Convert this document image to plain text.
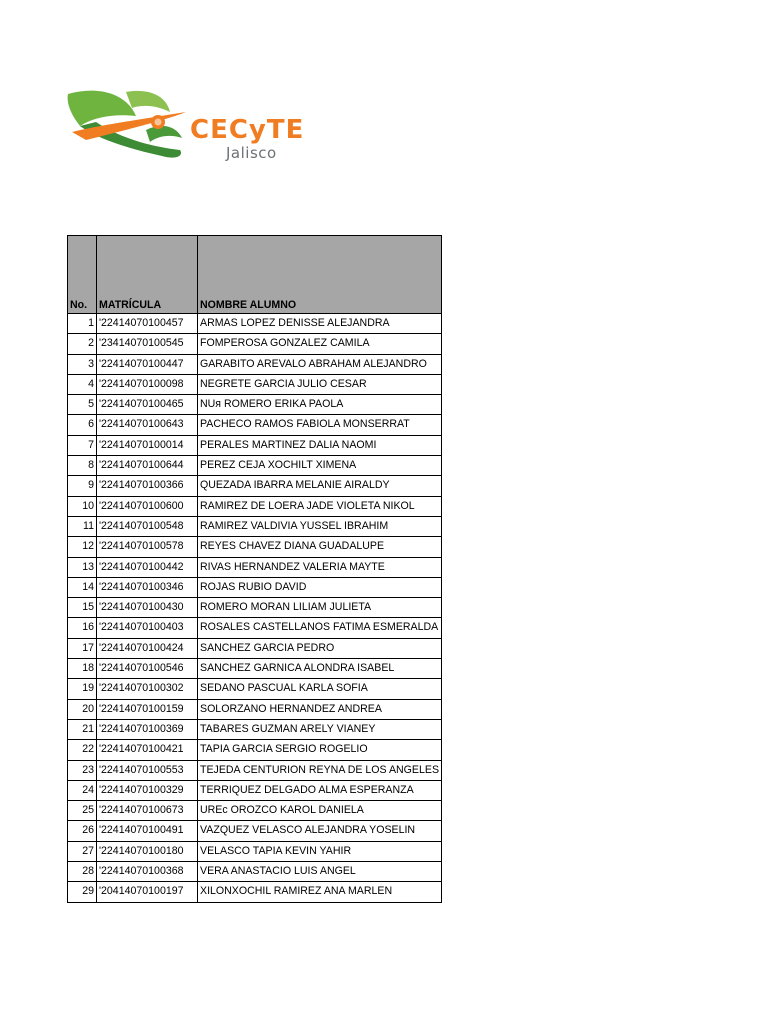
CECyTE
Jalisco
No.	MATRÍCULA	NOMBRE ALUMNO
1	'22414070100457	ARMAS LOPEZ DENISSE ALEJANDRA
2	'23414070100545	FOMPEROSA GONZALEZ CAMILA
3	'22414070100447	GARABITO AREVALO ABRAHAM ALEJANDRO
4	'22414070100098	NEGRETE GARCIA JULIO CESAR
5	'22414070100465	NUя ROMERO ERIKA PAOLA
6	'22414070100643	PACHECO RAMOS FABIOLA MONSERRAT
7	'22414070100014	PERALES MARTINEZ DALIA NAOMI
8	'22414070100644	PEREZ CEJA XOCHILT XIMENA
9	'22414070100366	QUEZADA IBARRA MELANIE AIRALDY
10	'22414070100600	RAMIREZ DE LOERA JADE VIOLETA NIKOL
11	'22414070100548	RAMIREZ VALDIVIA YUSSEL IBRAHIM
12	'22414070100578	REYES CHAVEZ DIANA GUADALUPE
13	'22414070100442	RIVAS HERNANDEZ VALERIA MAYTE
14	'22414070100346	ROJAS RUBIO DAVID
15	'22414070100430	ROMERO MORAN LILIAM JULIETA
16	'22414070100403	ROSALES CASTELLANOS FATIMA ESMERALDA
17	'22414070100424	SANCHEZ GARCIA PEDRO
18	'22414070100546	SANCHEZ GARNICA ALONDRA ISABEL
19	'22414070100302	SEDANO PASCUAL KARLA SOFIA
20	'22414070100159	SOLORZANO HERNANDEZ ANDREA
21	'22414070100369	TABARES GUZMAN ARELY VIANEY
22	'22414070100421	TAPIA GARCIA SERGIO ROGELIO
23	'22414070100553	TEJEDA CENTURION REYNA DE LOS ANGELES
24	'22414070100329	TERRIQUEZ DELGADO ALMA ESPERANZA
25	'22414070100673	UREc OROZCO KAROL DANIELA
26	'22414070100491	VAZQUEZ VELASCO ALEJANDRA YOSELIN
27	'22414070100180	VELASCO TAPIA KEVIN YAHIR
28	'22414070100368	VERA ANASTACIO LUIS ANGEL
29	'20414070100197	XILONXOCHIL RAMIREZ ANA MARLEN
